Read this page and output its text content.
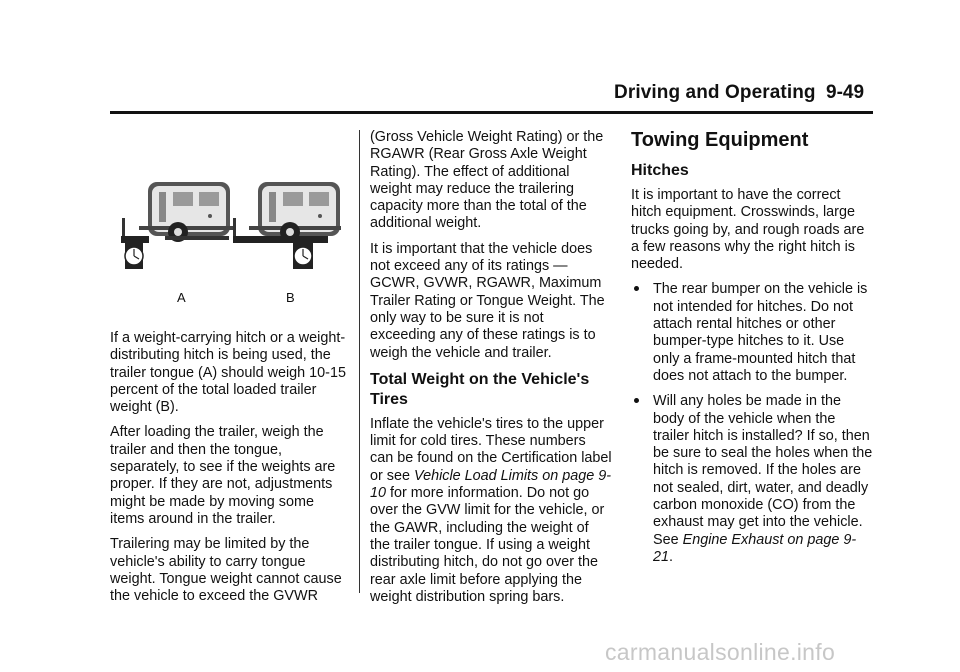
Driving and Operating 9-49
A	B

If a weight-carrying hitch or a weight-distributing hitch is being used, the trailer tongue (A) should weigh 10-15 percent of the total loaded trailer weight (B).

After loading the trailer, weigh the trailer and then the tongue, separately, to see if the weights are proper. If they are not, adjustments might be made by moving some items around in the trailer.

Trailering may be limited by the vehicle's ability to carry tongue weight. Tongue weight cannot cause the vehicle to exceed the GVWR

(Gross Vehicle Weight Rating) or the RGAWR (Rear Gross Axle Weight Rating). The effect of additional weight may reduce the trailering capacity more than the total of the additional weight.

It is important that the vehicle does not exceed any of its ratings — GCWR, GVWR, RGAWR, Maximum Trailer Rating or Tongue Weight. The only way to be sure it is not exceeding any of these ratings is to weigh the vehicle and trailer.

Total Weight on the Vehicle's Tires

Inflate the vehicle's tires to the upper limit for cold tires. These numbers can be found on the Certification label or see Vehicle Load Limits on page 9-10 for more information. Do not go over the GVW limit for the vehicle, or the GAWR, including the weight of the trailer tongue. If using a weight distributing hitch, do not go over the rear axle limit before applying the weight distribution spring bars.

Towing Equipment
Hitches

It is important to have the correct hitch equipment. Crosswinds, large trucks going by, and rough roads are a few reasons why the right hitch is needed.

The rear bumper on the vehicle is not intended for hitches. Do not attach rental hitches or other bumper-type hitches to it. Use only a frame-mounted hitch that does not attach to the bumper.
Will any holes be made in the body of the vehicle when the trailer hitch is installed? If so, then be sure to seal the holes when the hitch is removed. If the holes are not sealed, dirt, water, and deadly carbon monoxide (CO) from the exhaust may get into the vehicle. See Engine Exhaust on page 9-21.
carmanualsonline.info
